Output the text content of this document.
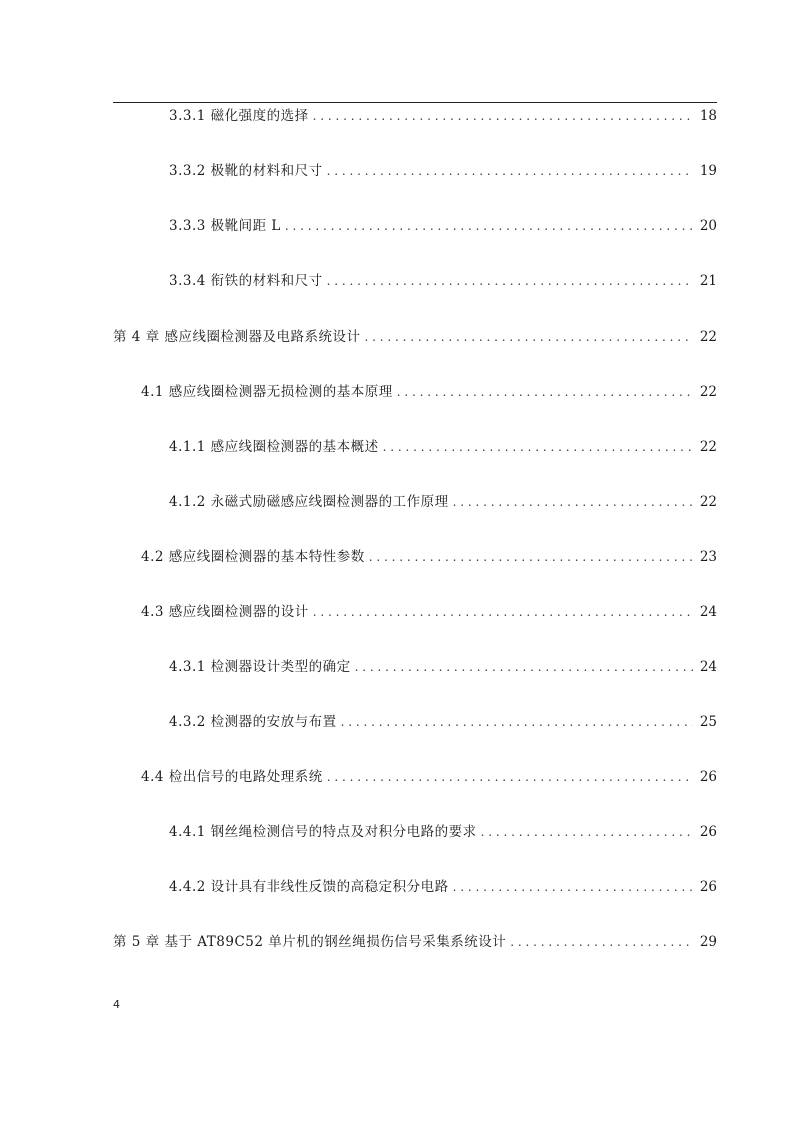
3.3.1 磁化强度的选择 . . .	18
3.3.2 极靴的材料和尺寸 . . .	19
3.3.3 极靴间距 L . . .	20
3.3.4 衔铁的材料和尺寸 . . .	21
第 4 章 感应线圈检测器及电路系统设计 . . .	22
4.1 感应线圈检测器无损检测的基本原理 . . .	22
4.1.1 感应线圈检测器的基本概述 . . .	22
4.1.2 永磁式励磁感应线圈检测器的工作原理 . . .	22
4.2 感应线圈检测器的基本特性参数 . . .	23
4.3 感应线圈检测器的设计 . . .	24
4.3.1 检测器设计类型的确定 . . .	24
4.3.2 检测器的安放与布置 . . .	25
4.4 检出信号的电路处理系统 . . .	26
4.4.1 钢丝绳检测信号的特点及对积分电路的要求 . . .	26
4.4.2 设计具有非线性反馈的高稳定积分电路 . . .	26
第 5 章 基于 AT89C52 单片机的钢丝绳损伤信号采集系统设计 . . .	29
4
